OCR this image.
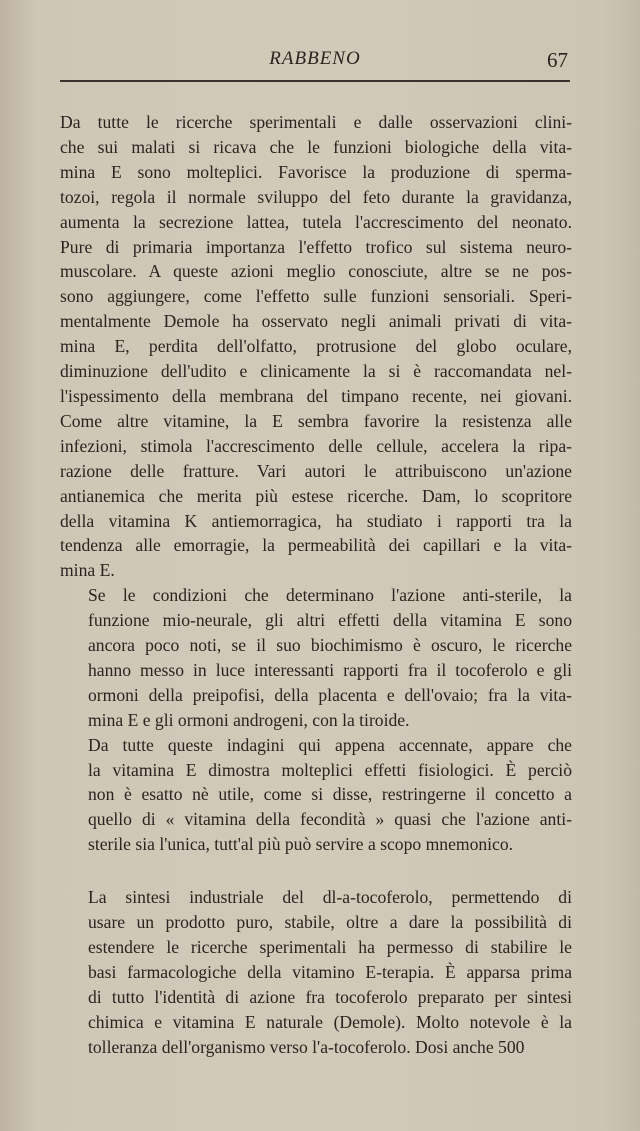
RABBENO	67

Da tutte le ricerche sperimentali e dalle osservazioni clini-
che sui malati si ricava che le funzioni biologiche della vita-
mina E sono molteplici. Favorisce la produzione di sperma-
tozoi, regola il normale sviluppo del feto durante la gravidanza,
aumenta la secrezione lattea, tutela l'accrescimento del neonato.
Pure di primaria importanza l'effetto trofico sul sistema neuro-
muscolare. A queste azioni meglio conosciute, altre se ne pos-
sono aggiungere, come l'effetto sulle funzioni sensoriali. Speri-
mentalmente Demole ha osservato negli animali privati di vita-
mina E, perdita dell'olfatto, protrusione del globo oculare,
diminuzione dell'udito e clinicamente la si è raccomandata nel-
l'ispessimento della membrana del timpano recente, nei giovani.
Come altre vitamine, la E sembra favorire la resistenza alle
infezioni, stimola l'accrescimento delle cellule, accelera la ripa-
razione delle fratture. Vari autori le attribuiscono un'azione
antianemica che merita più estese ricerche. Dam, lo scopritore
della vitamina K antiemorragica, ha studiato i rapporti tra la
tendenza alle emorragie, la permeabilità dei capillari e la vita-
mina E.

Se le condizioni che determinano l'azione anti-sterile, la
funzione mio-neurale, gli altri effetti della vitamina E sono
ancora poco noti, se il suo biochimismo è oscuro, le ricerche
hanno messo in luce interessanti rapporti fra il tocoferolo e gli
ormoni della preipofisi, della placenta e dell'ovaio; fra la vita-
mina E e gli ormoni androgeni, con la tiroide.

Da tutte queste indagini qui appena accennate, appare che
la vitamina E dimostra molteplici effetti fisiologici. È perciò
non è esatto nè utile, come si disse, restringerne il concetto a
quello di « vitamina della fecondità » quasi che l'azione anti-
sterile sia l'unica, tutt'al più può servire a scopo mnemonico.

La sintesi industriale del dl-a-tocoferolo, permettendo di
usare un prodotto puro, stabile, oltre a dare la possibilità di
estendere le ricerche sperimentali ha permesso di stabilire le
basi farmacologiche della vitamino E-terapia. È apparsa prima
di tutto l'identità di azione fra tocoferolo preparato per sintesi
chimica e vitamina E naturale (Demole). Molto notevole è la
tolleranza dell'organismo verso l'a-tocoferolo. Dosi anche 500
